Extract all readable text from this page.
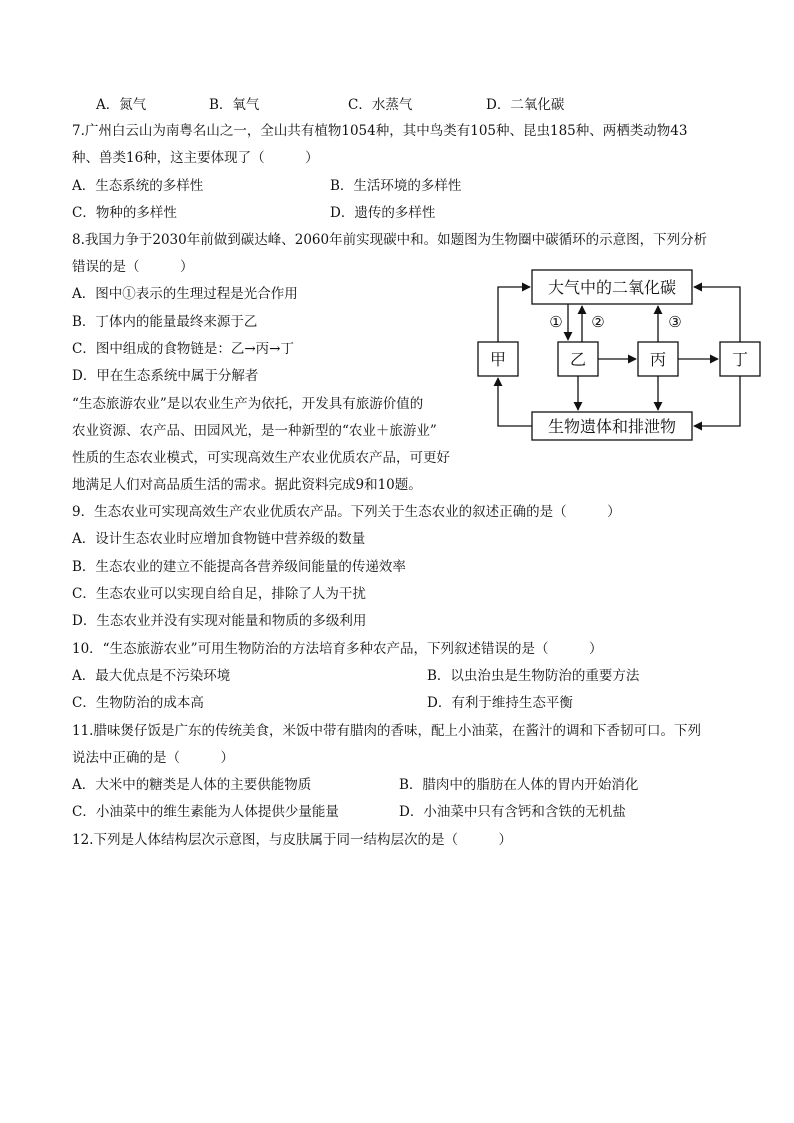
A．氮气	B．氧气	C．水蒸气	D．二氧化碳
7.广州白云山为南粤名山之一，全山共有植物1054种，其中鸟类有105种、昆虫185种、两栖类动物43
种、兽类16种，这主要体现了（　　　）
A．生态系统的多样性	B．生活环境的多样性
C．物种的多样性	D．遗传的多样性
8.我国力争于2030年前做到碳达峰、2060年前实现碳中和。如题图为生物圈中碳循环的示意图，下列分析
错误的是（　　　）
A．图中①表示的生理过程是光合作用
B．丁体内的能量最终来源于乙
C．图中组成的食物链是：乙→丙→丁
D．甲在生态系统中属于分解者
大气中的二氧化碳
生物遗体和排泄物
甲	乙	丙	丁
① ②	③
“生态旅游农业”是以农业生产为依托，开发具有旅游价值的
农业资源、农产品、田园风光，是一种新型的“农业＋旅游业”
性质的生态农业模式，可实现高效生产农业优质农产品，可更好
地满足人们对高品质生活的需求。据此资料完成9和10题。
9．生态农业可实现高效生产农业优质农产品。下列关于生态农业的叙述正确的是（　　　）
A．设计生态农业时应增加食物链中营养级的数量
B．生态农业的建立不能提高各营养级间能量的传递效率
C．生态农业可以实现自给自足，排除了人为干扰
D．生态农业并没有实现对能量和物质的多级利用
10．“生态旅游农业”可用生物防治的方法培育多种农产品，下列叙述错误的是（　　　）
A．最大优点是不污染环境	B．以虫治虫是生物防治的重要方法
C．生物防治的成本高	D．有利于维持生态平衡
11.腊味煲仔饭是广东的传统美食，米饭中带有腊肉的香味，配上小油菜，在酱汁的调和下香韧可口。下列
说法中正确的是（　　　）
A．大米中的糖类是人体的主要供能物质	B．腊肉中的脂肪在人体的胃内开始消化
C．小油菜中的维生素能为人体提供少量能量	D．小油菜中只有含钙和含铁的无机盐
12.下列是人体结构层次示意图，与皮肤属于同一结构层次的是（　　　）
